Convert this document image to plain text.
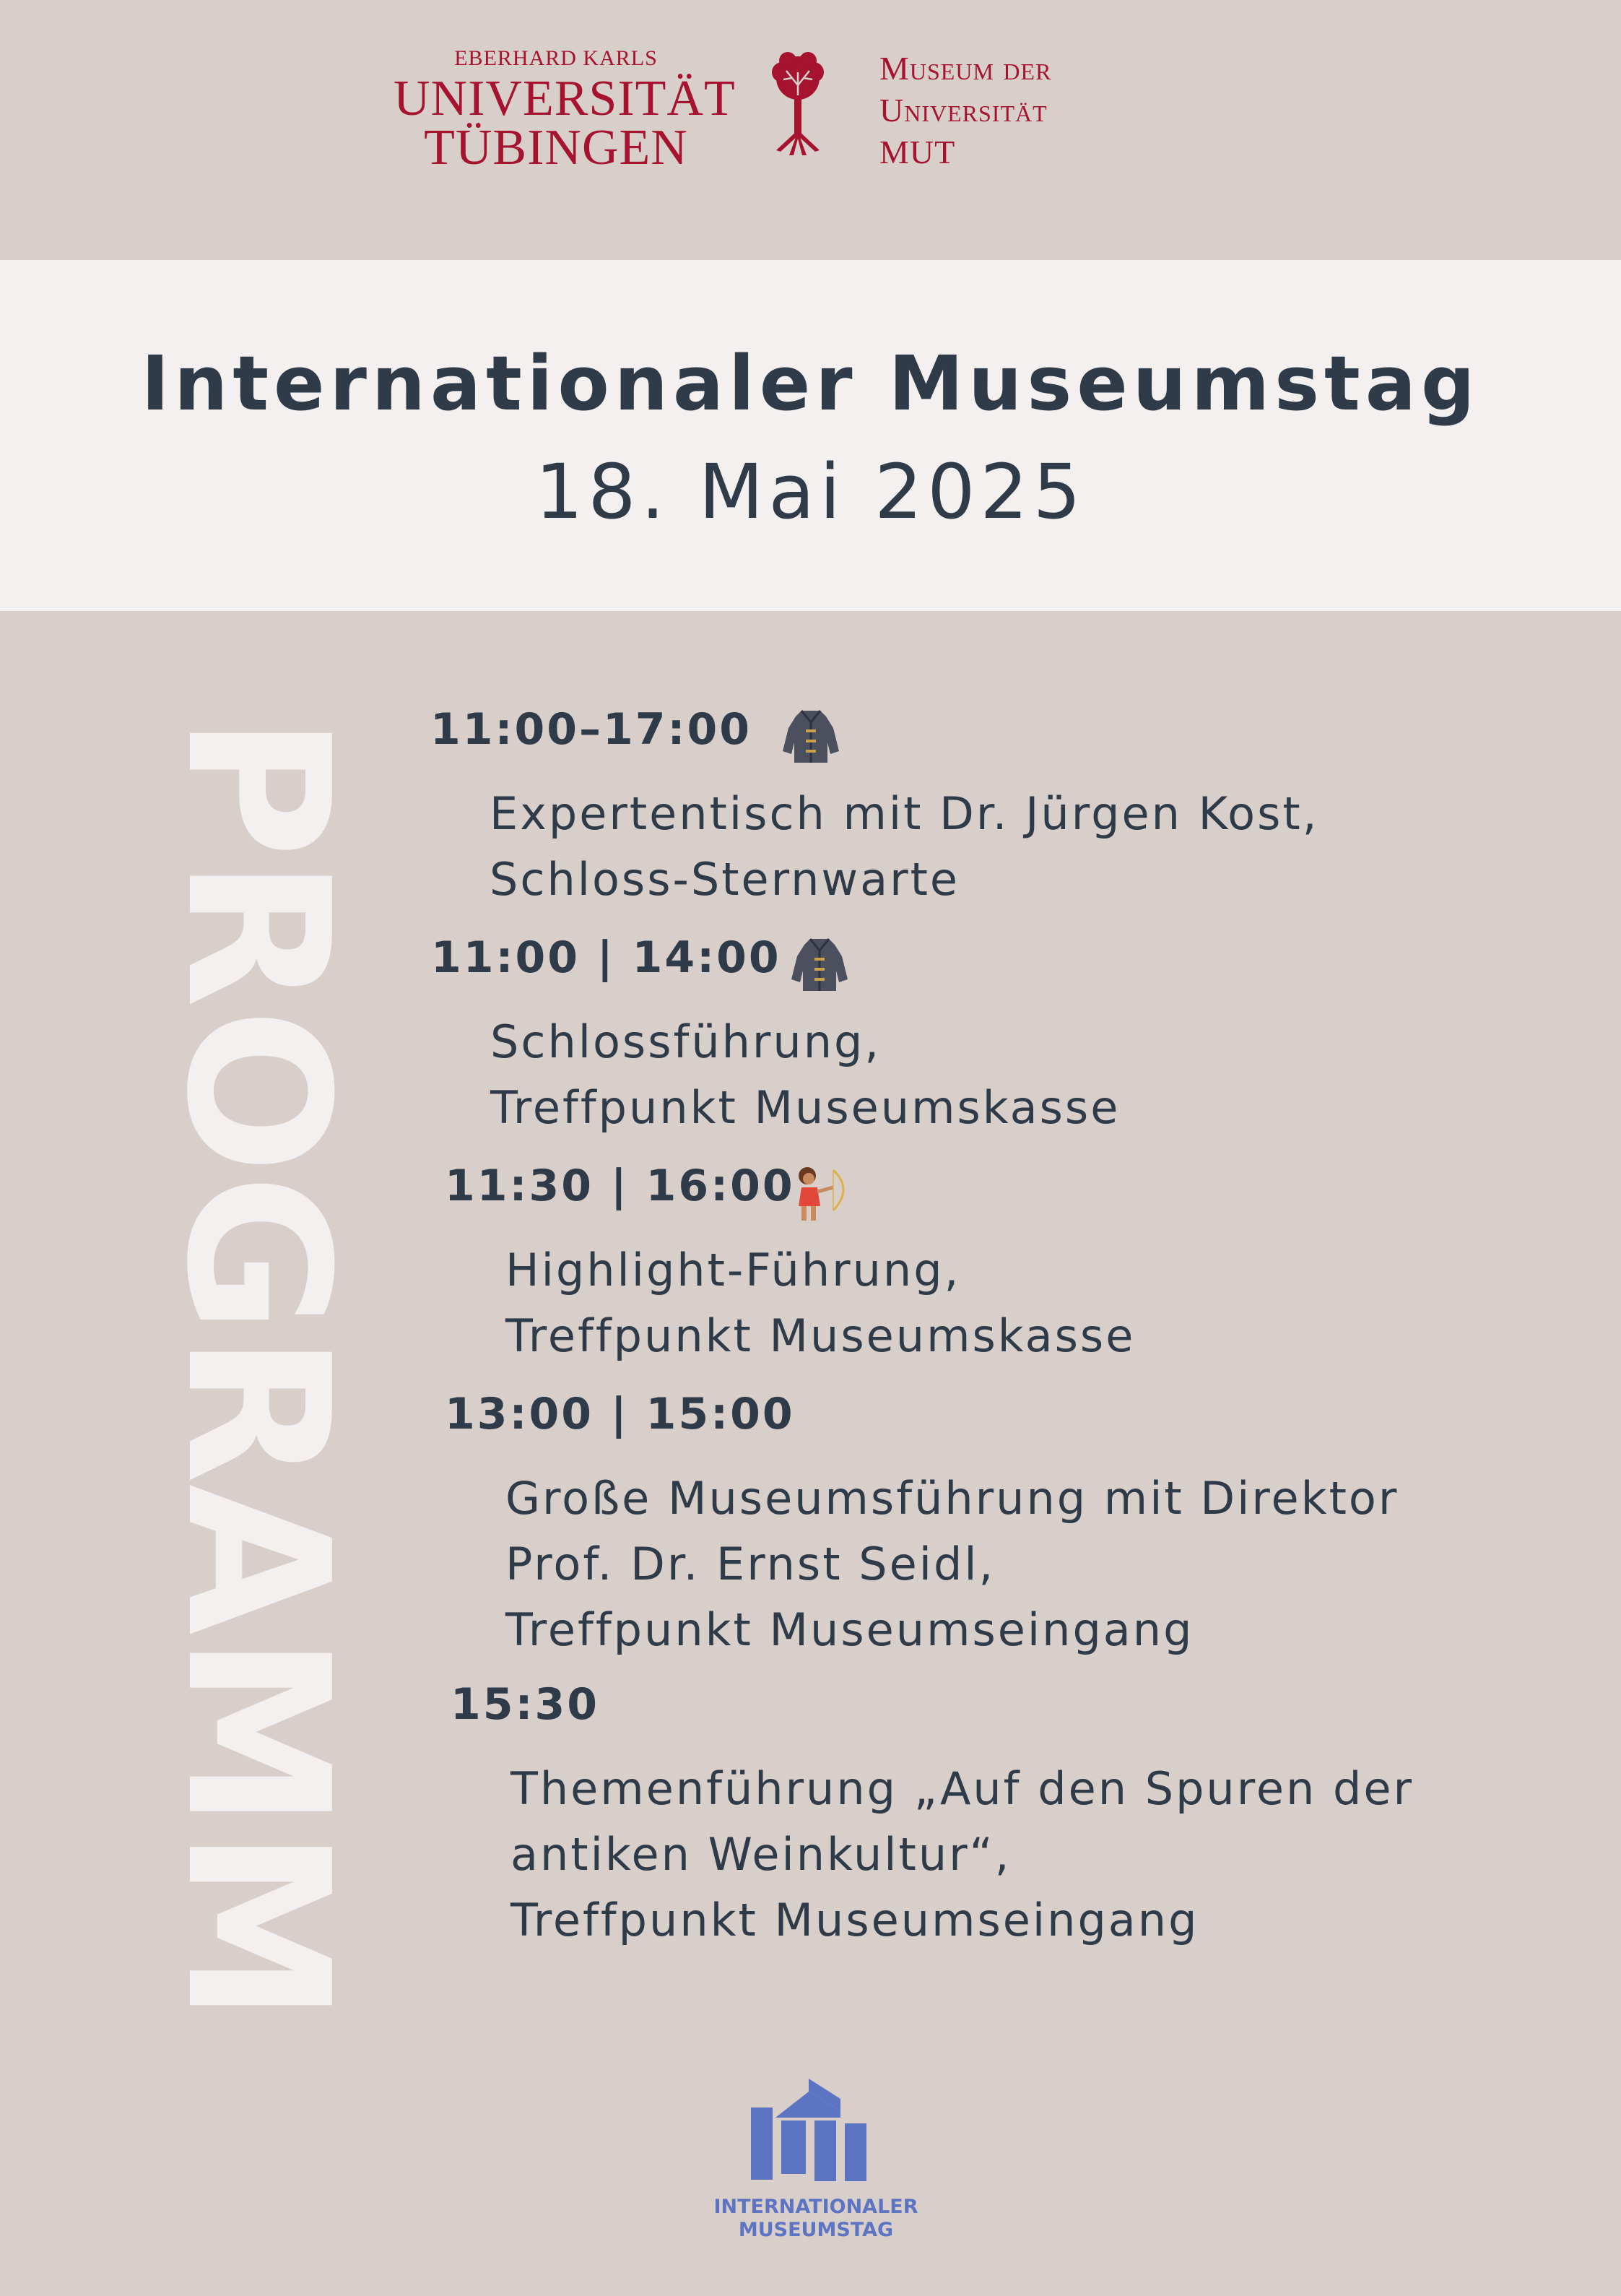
EBERHARD KARLS
UNIVERSITÄT
TÜBINGEN
Museum der
Universität
MUT
Internationaler Museumstag
18. Mai 2025
PROGRAMM 11:00–17:00
Expertentisch mit Dr. Jürgen Kost,
Schloss-Sternwarte
11:00 | 14:00
Schlossführung,
Treffpunkt Museumskasse
11:30 | 16:00
Highlight-Führung,
Treffpunkt Museumskasse
13:00 | 15:00
Große Museumsführung mit Direktor
Prof. Dr. Ernst Seidl,
Treffpunkt Museumseingang
15:30
Themenführung „Auf den Spuren der
antiken Weinkultur“,
Treffpunkt Museumseingang
INTERNATIONALER
MUSEUMSTAG
